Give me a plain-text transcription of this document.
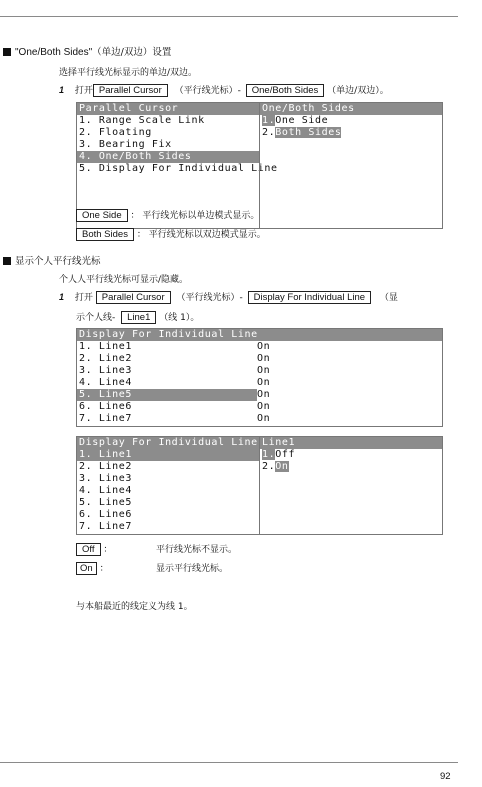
"One/Both Sides"（单边/双边）设置
选择平行线光标显示的单边/双边。
1 打开 Parallel Cursor （平行线光标）- One/Both Sides （单边/双边）。
Parallel Cursor
1. Range Scale Link
2. Floating
3. Bearing Fix
4. One/Both Sides
5. Display For Individual Line
One/Both Sides
1.One Side
2.Both Sides
One Side ： 平行线光标以单边模式显示。
Both Sides ： 平行线光标以双边模式显示。
显示个人平行线光标
个人人平行线光标可显示/隐藏。
1 打开 Parallel Cursor （平行线光标）- Display For Individual Line （显
示个人线- Line1 （线 1）。
Display For Individual Line
1. Line1	On
2. Line2	On
3. Line3	On
4. Line4	On
5. Line5	On
6. Line6	On
7. Line7	On
Display For Individual Line
1. Line1
2. Line2
3. Line3
4. Line4
5. Line5
6. Line6
7. Line7
Line1
1.Off
2.On
Off ：	平行线光标不显示。
On ：	显示平行线光标。
与本船最近的线定义为线 1。
92
